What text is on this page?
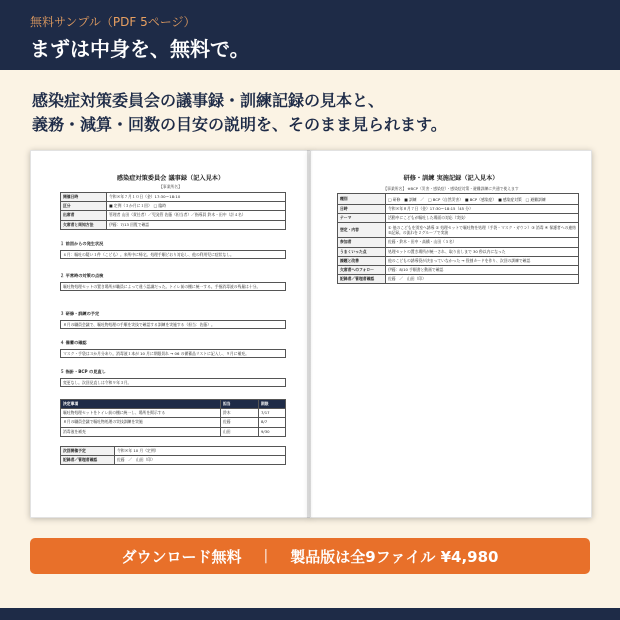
無料サンプル（PDF 5ページ）
まずは中身を、無料で。
感染症対策委員会の議事録・訓練記録の見本と、
義務・減算・回数の目安の説明を、そのまま見られます。
感染症対策委員会 議事録（記入見本）
【事業所名】
開催日時	令和８年７月１０日（金）17:30〜18:10
区分	■ 定例（３か月に１回）　□ 臨時
出席者	管理者 山田（責任者）／児発管 佐藤（担当者）／指導員 鈴木・田中（計４名）
欠席者と周知方法	伊藤：7/13 回覧で確認
１ 前回からの発生状況
６月：嘔吐の疑い１件（こども）。来所中に帰宅。処理手順どおり対応し、他の利用児に症状なし。
２ 平常時の対策の点検
嘔吐物処理セットの置き場所が職員によって違う認識だった。トイレ前の棚に統一する。手指消毒液の残量は十分。
３ 研修・訓練の予定
８月の職員会議で、嘔吐物処理の手順を実技で確認する訓練を実施する（担当：佐藤）。
４ 備蓄の確認
マスク・手袋は３か月分あり。消毒液１本が 10 月に期限切れ → 06 の備蓄品リストに記入し、９月に補充。
５ 指針・BCP の見直し
変更なし。次回見直しは令和９年３月。
決定事項	担当	期限
嘔吐物処理セットをトイレ前の棚に統一し、場所を掲示する	鈴木	7/17
８月の職員会議で嘔吐物処理の実技訓練を実施	佐藤	8/7
消毒液を補充	山田	9/30
次回開催予定	令和８年 10 月（定例）
記録者／管理者確認	佐藤　／　山田（印）
研修・訓練 実施記録（記入見本）
【事業所名】 ※BCP（災害・感染症）・感染症対策・避難訓練に共通で使えます
種別	□ 研修　■ 訓練　／　□ BCP（自然災害）　■ BCP（感染症）　■ 感染症対策　□ 避難訓練
日時	令和８年８月７日（金）17:30〜18:15（45 分）
テーマ	活動中にこどもが嘔吐した場面の対応（実技）
想定・内容	① 他のこどもを別室へ誘導 ② 処理セットで嘔吐物を処理（手袋・マスク・ガウン）③ 消毒 ④ 保護者への連絡 ⑤記録。の流れを２グループで実演
参加者	佐藤・鈴木・田中・高橋・山田（５名）
うまくいった点	処理セットの置き場所が統一され、取り出しまで 30 秒以内になった
課題と改善	他のこどもの誘導役が決まっていなかった → 役割カードを作り、次回の訓練で確認
欠席者へのフォロー	伊藤：8/10 手順書と動画で確認
記録者／管理者確認	佐藤　／　山田（印）
ダウンロード無料 | 製品版は全9ファイル ¥4,980
